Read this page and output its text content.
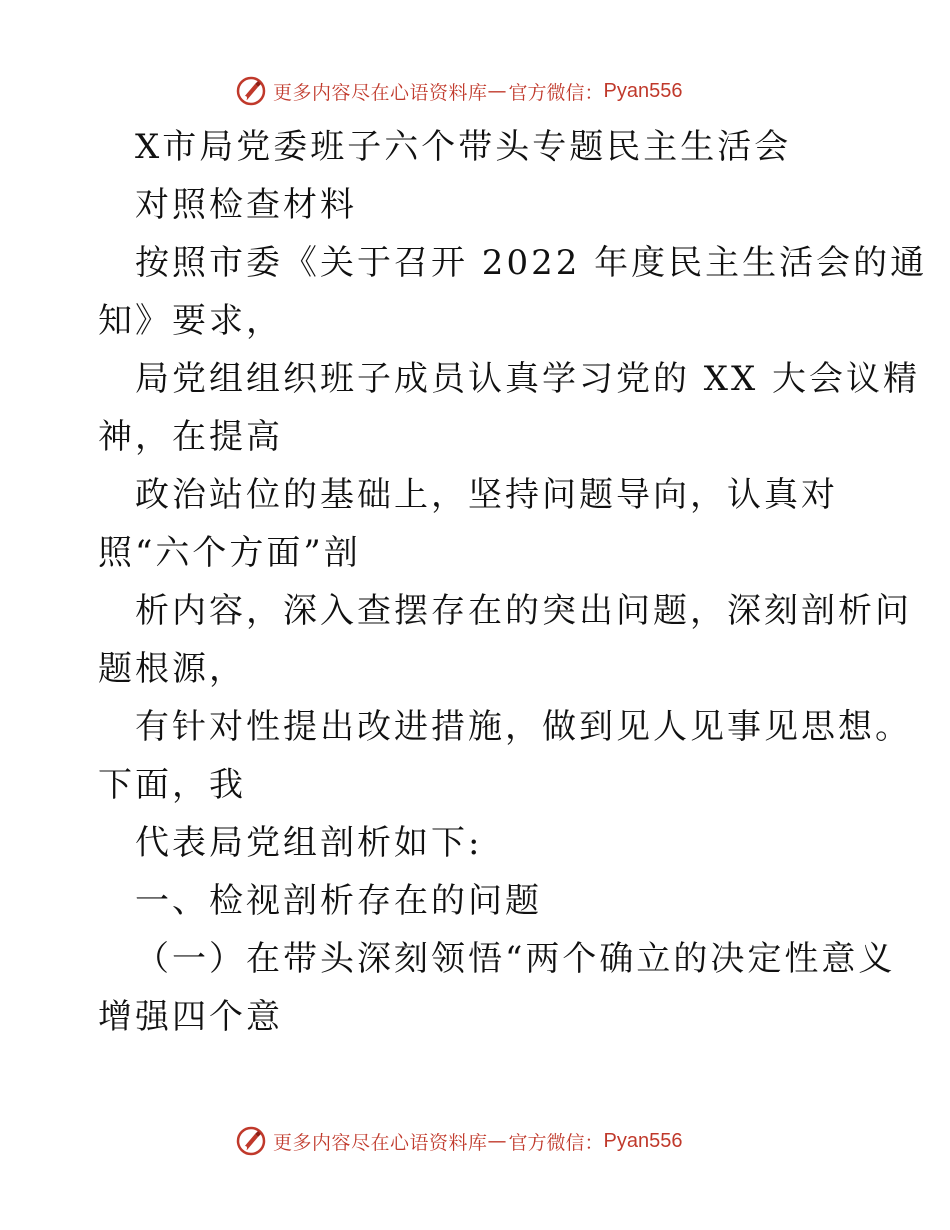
更多内容尽在心语资料库 — 官方微信： Pyan556
X市局党委班子六个带头专题民主生活会
对照检查材料
按照市委《关于召开 2022 年度民主生活会的通
知》要求，
局党组组织班子成员认真学习党的 XX 大会议精
神，在提高
政治站位的基础上，坚持问题导向，认真对
照“六个方面”剖
析内容，深入查摆存在的突出问题，深刻剖析问
题根源，
有针对性提出改进措施，做到见人见事见思想。
下面，我
代表局党组剖析如下:
一、检视剖析存在的问题
（一）在带头深刻领悟“两个确立的决定性意义
增强四个意
更多内容尽在心语资料库 — 官方微信： Pyan556
